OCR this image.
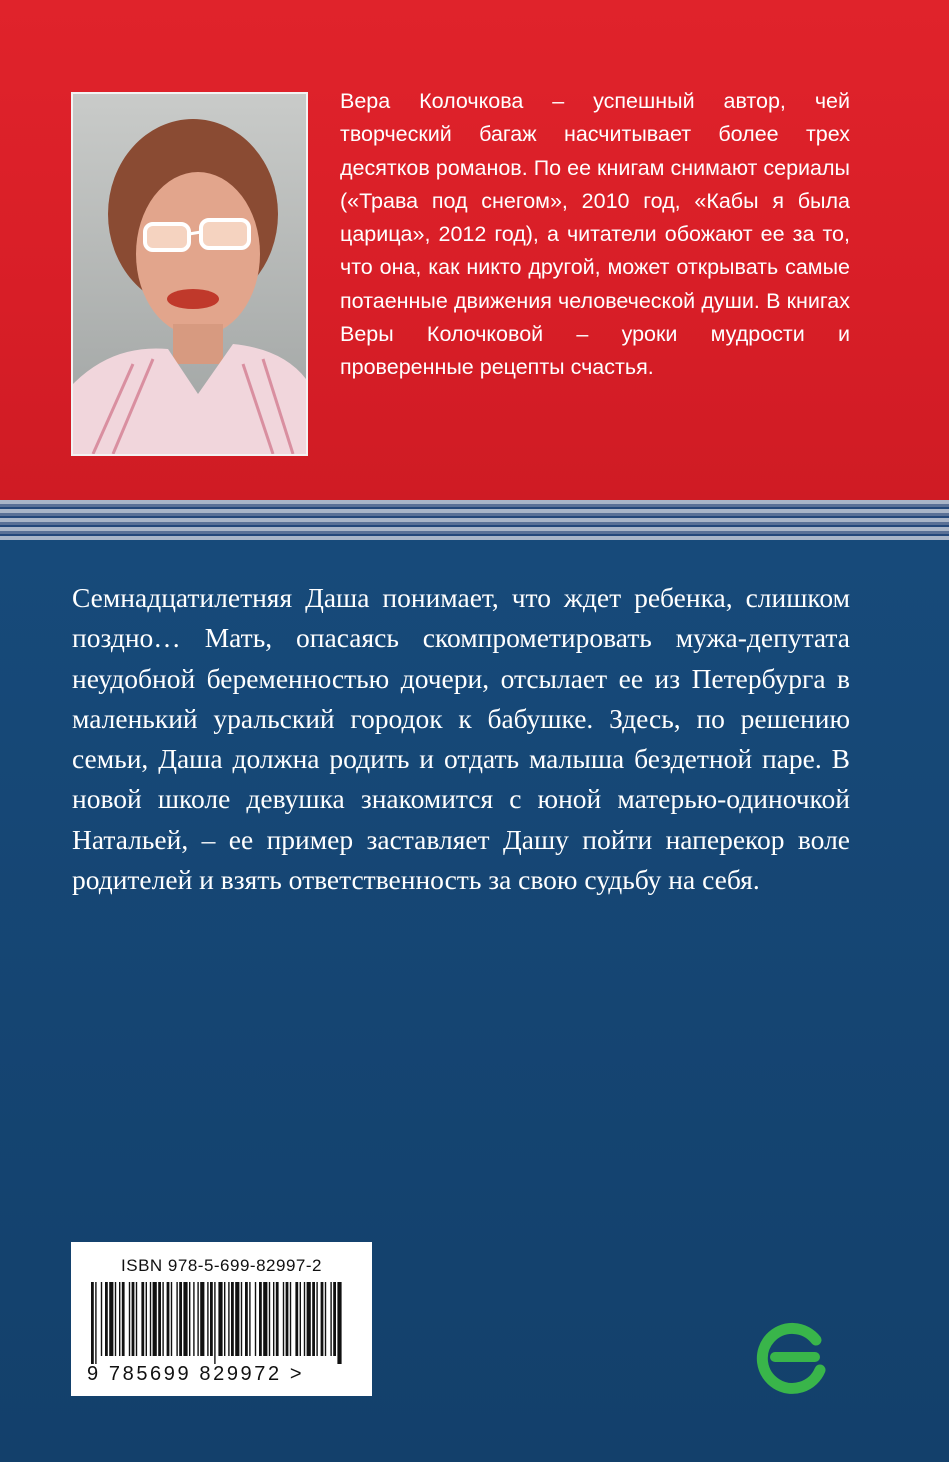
Вера Колочкова – успешный автор, чей творческий багаж насчитывает более трех десятков романов. По ее книгам снимают сериалы («Трава под снегом», 2010 год, «Кабы я была царица», 2012 год), а читатели обожают ее за то, что она, как никто другой, может открывать самые потаенные движения человеческой души. В книгах Веры Колочковой – уроки мудрости и проверенные рецепты счастья.
Семнадцатилетняя Даша понимает, что ждет ребенка, слишком поздно… Мать, опасаясь скомпрометировать мужа-депутата неудобной беременностью дочери, отсылает ее из Петербурга в маленький уральский городок к бабушке. Здесь, по решению семьи, Даша должна родить и отдать малыша бездетной паре. В новой школе девушка знакомится с юной матерью-одиночкой Натальей, – ее пример заставляет Дашу пойти наперекор воле родителей и взять ответственность за свою судьбу на себя.
ISBN 978-5-699-82997-2
9 785699 829972 >
